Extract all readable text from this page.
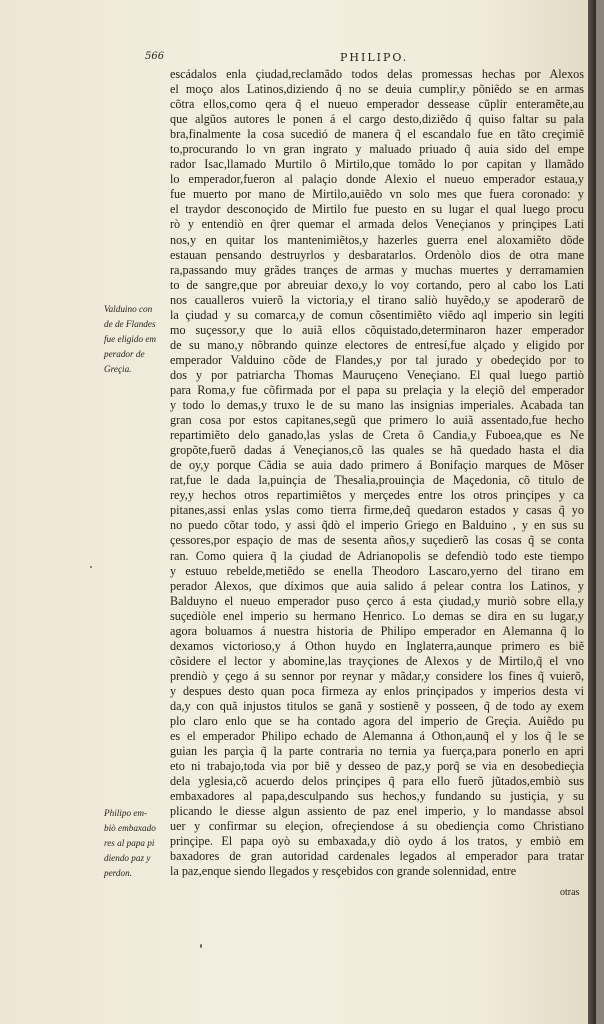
566	PHILIPO.
escádalos enla çiudad,reclamãdo todos delas promessas hechas por Alexos
el moço alos Latinos,diziendo q̃ no se deuia cumplir,y põniẽdo se en armas
cõtra ellos,como qera q̃ el nueuo emperador dessease cũplir enteramẽte,au
que algũos autores le ponen á el cargo desto,diziẽdo q̃ quiso faltar su pala
bra,finalmente la cosa sucedió de manera q̃ el escandalo fue en tãto creçimiẽ
to,procurando lo vn gran ingrato y maluado priuado q̃ auia sido del empe
rador Isac,llamado Murtilo ô Mirtilo,que tomãdo lo por capitan y llamãdo
lo emperador,fueron al palaçio donde Alexio el nueuo emperador estaua,y
fue muerto por mano de Mirtilo,auiẽdo vn solo mes que fuera coronado: y
el traydor desconoçido de Mirtilo fue puesto en su lugar el qual luego procu
rò y entendiò en q̃rer quemar el armada delos Veneçianos y prinçipes Lati
nos,y en quitar los mantenimiẽtos,y hazerles guerra enel aloxamiẽto dõde
estauan pensando destruyrlos y desbaratarlos. Ordenòlo dios de otra mane
ra,passando muy grãdes trançes de armas y muchas muertes y derramamien
to de sangre,que por abreuiar dexo,y lo voy cortando, pero al cabo los Lati
nos caualleros vuierõ la victoria,y el tirano saliò huyẽdo,y se apoderarõ de
la çiudad y su comarca,y de comun cõsentimiẽto viẽdo aql imperio sin legiti
mo suçessor,y que lo auiã ellos cõquistado,determinaron hazer emperador
de su mano,y nõbrando quinze electores de entresí,fue alçado y eligido por
emperador Valduino cõde de Flandes,y por tal jurado y obedeçido por to
dos y por patriarcha Thomas Mauruçeno Veneçiano. El qual luego partiò
para Roma,y fue cõfirmada por el papa su prelaçia y la eleçiõ del emperador
y todo lo demas,y truxo le de su mano las insignias imperiales. Acabada tan
gran cosa por estos capitanes,segũ que primero lo auiã assentado,fue hecho
repartimiẽto delo ganado,las yslas de Creta ô Candia,y Fuboea,que es Ne
gropõte,fuerõ dadas á Veneçianos,cõ las quales se hã quedado hasta el dia
de oy,y porque Cãdia se auia dado primero á Bonifaçio marques de Mõser
rat,fue le dada la,puinçia de Thesalia,prouinçia de Maçedonia, cõ titulo de
rey,y hechos otros repartimiẽtos y merçedes entre los otros prinçipes y ca
pitanes,assi enlas yslas como tierra firme,deq̃ quedaron estados y casas q̃ yo
no puedo cõtar todo, y assi q̃dò el imperio Griego en Balduino , y en sus su
çessores,por espaçio de mas de sesenta años,y suçedierõ las cosas q̃ se conta
ran. Como quiera q̃ la çiudad de Adrianopolis se defendiò todo este tiempo
y estuuo rebelde,metiẽdo se enella Theodoro Lascaro,yerno del tirano em
perador Alexos, que díximos que auia salido á pelear contra los Latinos, y
Balduyno el nueuo emperador puso çerco á esta çiudad,y muriò sobre ella,y
suçediòle enel imperio su hermano Henrico. Lo demas se dira en su lugar,y
agora boluamos á nuestra historia de Philipo emperador en Alemanna q̃ lo
dexamos victorioso,y á Othon huydo en Inglaterra,aunque primero es biẽ
cõsidere el lector y abomine,las trayçiones de Alexos y de Mirtilo,q̃ el vno
prendiò y çego á su sennor por reynar y mãdar,y considere los fines q̃ vuierõ,
y despues desto quan poca firmeza ay enlos prinçipados y imperios desta vi
da,y con quã injustos titulos se ganã y sostienẽ y posseen, q̃ de todo ay exem
plo claro enlo que se ha contado agora del imperio de Greçia. Auiẽdo pu
es el emperador Philipo echado de Alemanna á Othon,aunq̃ el y los q̃ le se
guian les parçia q̃ la parte contraria no ternia ya fuerça,para ponerlo en apri
eto ni trabajo,toda via por biẽ y desseo de paz,y porq̃ se via en desobedieçia
dela yglesia,cõ acuerdo delos prinçipes q̃ para ello fuerõ jũtados,embiò sus
embaxadores al papa,desculpando sus hechos,y fundando su justiçia, y su
plicando le diesse algun assiento de paz enel imperio, y lo mandasse absol
uer y confirmar su eleçion, ofreçiendose á su obediençia como Christiano
prinçipe. El papa oyò su embaxada,y diò oydo á los tratos, y embiò em
baxadores de gran autoridad cardenales legados al emperador para tratar
la paz,enque siendo llegados y resçebidos con grande solennidad, entre
Valduino con
de de Flandes
fue eligido em
perador de
Greçia.
Philipo em-
biò embaxado
res al papa pi
diendo paz y
perdon.
otras
